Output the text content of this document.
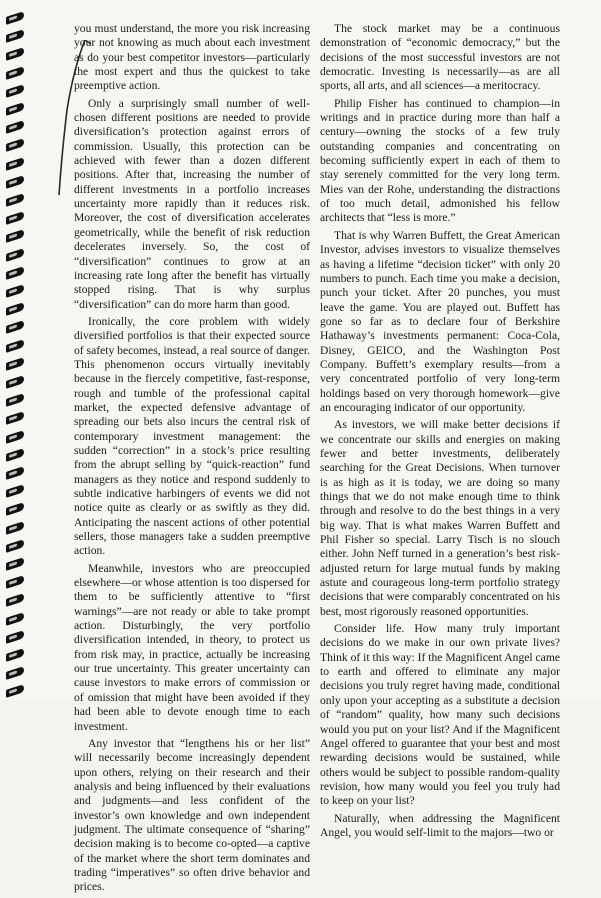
you must understand, the more you risk increasing your not knowing as much about each investment as do your best competitor investors—particularly the most expert and thus the quickest to take preemptive action.

Only a surprisingly small number of well-chosen different positions are needed to provide diversification’s protection against errors of commission. Usually, this protection can be achieved with fewer than a dozen different positions. After that, increasing the number of different investments in a portfolio increases uncertainty more rapidly than it reduces risk. Moreover, the cost of diversification accelerates geometrically, while the benefit of risk reduction decelerates inversely. So, the cost of “diversification” continues to grow at an increasing rate long after the benefit has virtually stopped rising. That is why surplus “diversification” can do more harm than good.

Ironically, the core problem with widely diversified portfolios is that their expected source of safety becomes, instead, a real source of danger. This phenomenon occurs virtually inevitably because in the fiercely competitive, fast-response, rough and tumble of the professional capital market, the expected defensive advantage of spreading our bets also incurs the central risk of contemporary investment management: the sudden “correction” in a stock’s price resulting from the abrupt selling by “quick-reaction” fund managers as they notice and respond suddenly to subtle indicative harbingers of events we did not notice quite as clearly or as swiftly as they did. Anticipating the nascent actions of other potential sellers, those managers take a sudden preemptive action.

Meanwhile, investors who are preoccupied elsewhere—or whose attention is too dispersed for them to be sufficiently attentive to “first warnings”—are not ready or able to take prompt action. Disturbingly, the very portfolio diversification intended, in theory, to protect us from risk may, in practice, actually be increasing our true uncertainty. This greater uncertainty can cause investors to make errors of commission or of omission that might have been avoided if they had been able to devote enough time to each investment.

Any investor that “lengthens his or her list” will necessarily become increasingly dependent upon others, relying on their research and their analysis and being influenced by their evaluations and judgments—and less confident of the investor’s own knowledge and own independent judgment. The ultimate consequence of “sharing” decision making is to become co-opted—a captive of the market where the short term dominates and trading “imperatives” so often drive behavior and prices.

The stock market may be a continuous demonstration of “economic democracy,” but the decisions of the most successful investors are not democratic. Investing is necessarily—as are all sports, all arts, and all sciences—a meritocracy.

Philip Fisher has continued to champion—in writings and in practice during more than half a century—owning the stocks of a few truly outstanding companies and concentrating on becoming sufficiently expert in each of them to stay serenely committed for the very long term. Mies van der Rohe, understanding the distractions of too much detail, admonished his fellow architects that “less is more.”

That is why Warren Buffett, the Great American Investor, advises investors to visualize themselves as having a lifetime “decision ticket” with only 20 numbers to punch. Each time you make a decision, punch your ticket. After 20 punches, you must leave the game. You are played out. Buffett has gone so far as to declare four of Berkshire Hathaway’s investments permanent: Coca-Cola, Disney, GEICO, and the Washington Post Company. Buffett’s exemplary results—from a very concentrated portfolio of very long-term holdings based on very thorough homework—give an encouraging indicator of our opportunity.

As investors, we will make better decisions if we concentrate our skills and energies on making fewer and better investments, deliberately searching for the Great Decisions. When turnover is as high as it is today, we are doing so many things that we do not make enough time to think through and resolve to do the best things in a very big way. That is what makes Warren Buffett and Phil Fisher so special. Larry Tisch is no slouch either. John Neff turned in a generation’s best risk-adjusted return for large mutual funds by making astute and courageous long-term portfolio strategy decisions that were comparably concentrated on his best, most rigorously reasoned opportunities.

Consider life. How many truly important decisions do we make in our own private lives? Think of it this way: If the Magnificent Angel came to earth and offered to eliminate any major decisions you truly regret having made, conditional only upon your accepting as a substitute a decision of “random” quality, how many such decisions would you put on your list? And if the Magnificent Angel offered to guarantee that your best and most rewarding decisions would be sustained, while others would be subject to possible random-quality revision, how many would you feel you truly had to keep on your list?

Naturally, when addressing the Magnificent Angel, you would self-limit to the majors—two or
